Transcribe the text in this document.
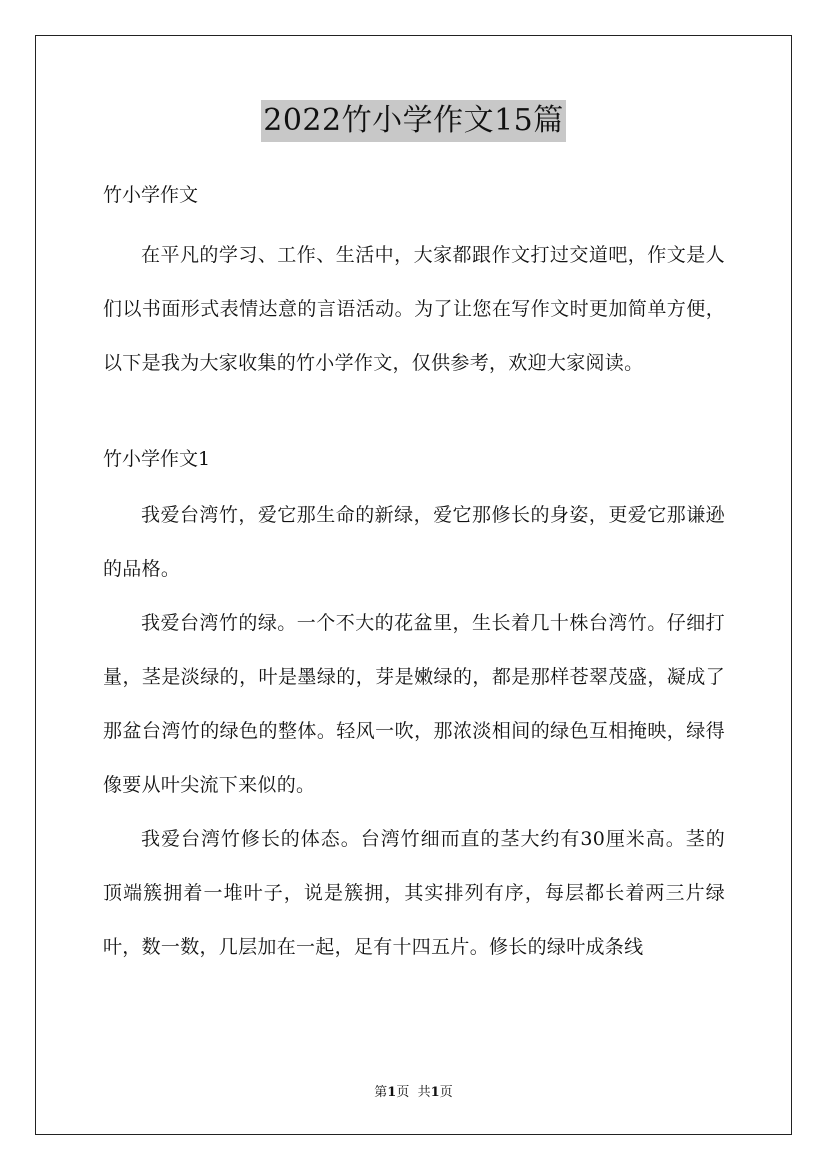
2022竹小学作文15篇

竹小学作文

在平凡的学习、工作、生活中，大家都跟作文打过交道吧，作文是人们以书面形式表情达意的言语活动。为了让您在写作文时更加简单方便，以下是我为大家收集的竹小学作文，仅供参考，欢迎大家阅读。

竹小学作文1

我爱台湾竹，爱它那生命的新绿，爱它那修长的身姿，更爱它那谦逊的品格。

我爱台湾竹的绿。一个不大的花盆里，生长着几十株台湾竹。仔细打量，茎是淡绿的，叶是墨绿的，芽是嫩绿的，都是那样苍翠茂盛，凝成了那盆台湾竹的绿色的整体。轻风一吹，那浓淡相间的绿色互相掩映，绿得像要从叶尖流下来似的。

我爱台湾竹修长的体态。台湾竹细而直的茎大约有30厘米高。茎的顶端簇拥着一堆叶子，说是簇拥，其实排列有序，每层都长着两三片绿叶，数一数，几层加在一起，足有十四五片。修长的绿叶成条线

第1页 共1页
